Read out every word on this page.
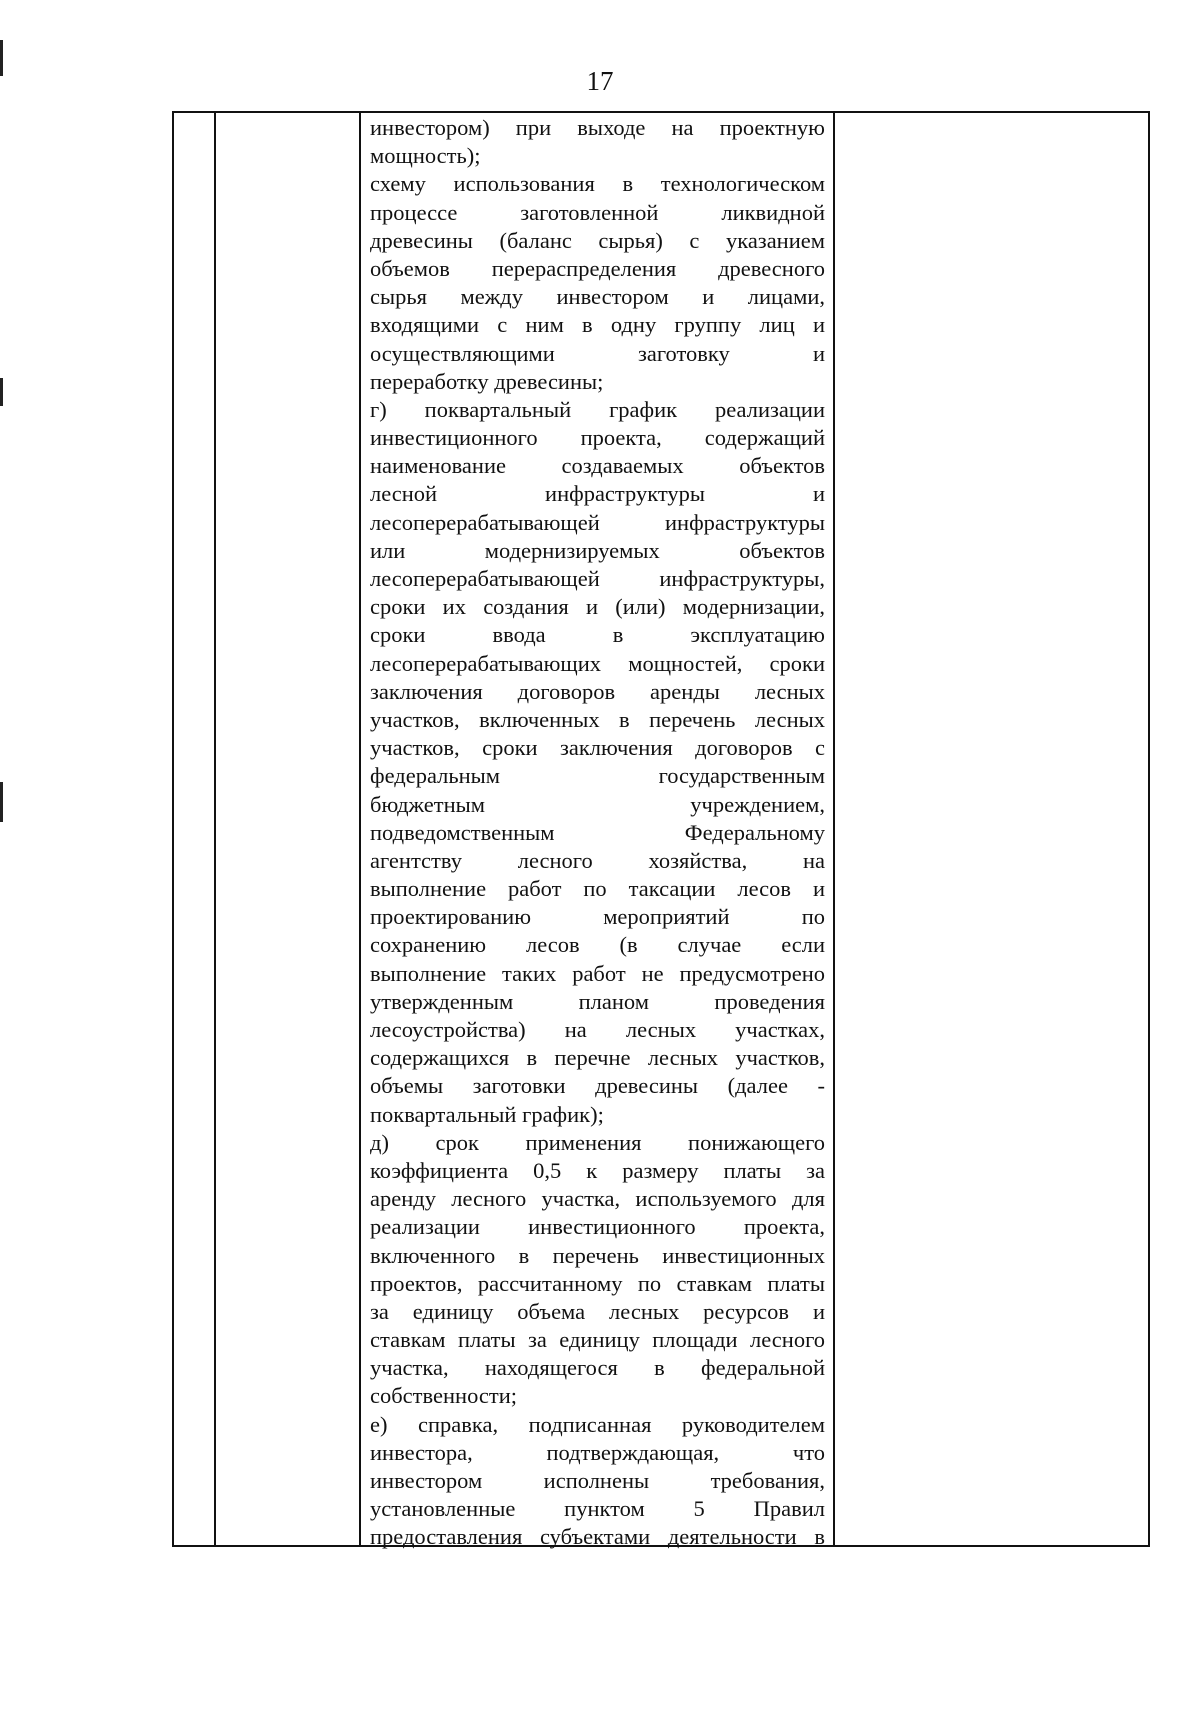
17
инвестором) при выходе на проектную
мощность);
схему использования в технологическом
процессе заготовленной ликвидной
древесины (баланс сырья) с указанием
объемов перераспределения древесного
сырья между инвестором и лицами,
входящими с ним в одну группу лиц и
осуществляющими заготовку и
переработку древесины;
г) поквартальный график реализации
инвестиционного проекта, содержащий
наименование создаваемых объектов
лесной инфраструктуры и
лесоперерабатывающей инфраструктуры
или модернизируемых объектов
лесоперерабатывающей инфраструктуры,
сроки их создания и (или) модернизации,
сроки ввода в эксплуатацию
лесоперерабатывающих мощностей, сроки
заключения договоров аренды лесных
участков, включенных в перечень лесных
участков, сроки заключения договоров с
федеральным государственным
бюджетным учреждением,
подведомственным Федеральному
агентству лесного хозяйства, на
выполнение работ по таксации лесов и
проектированию мероприятий по
сохранению лесов (в случае если
выполнение таких работ не предусмотрено
утвержденным планом проведения
лесоустройства) на лесных участках,
содержащихся в перечне лесных участков,
объемы заготовки древесины (далее -
поквартальный график);
д) срок применения понижающего
коэффициента 0,5 к размеру платы за
аренду лесного участка, используемого для
реализации инвестиционного проекта,
включенного в перечень инвестиционных
проектов, рассчитанному по ставкам платы
за единицу объема лесных ресурсов и
ставкам платы за единицу площади лесного
участка, находящегося в федеральной
собственности;
е) справка, подписанная руководителем
инвестора, подтверждающая, что
инвестором исполнены требования,
установленные пунктом 5 Правил
предоставления субъектами деятельности в
